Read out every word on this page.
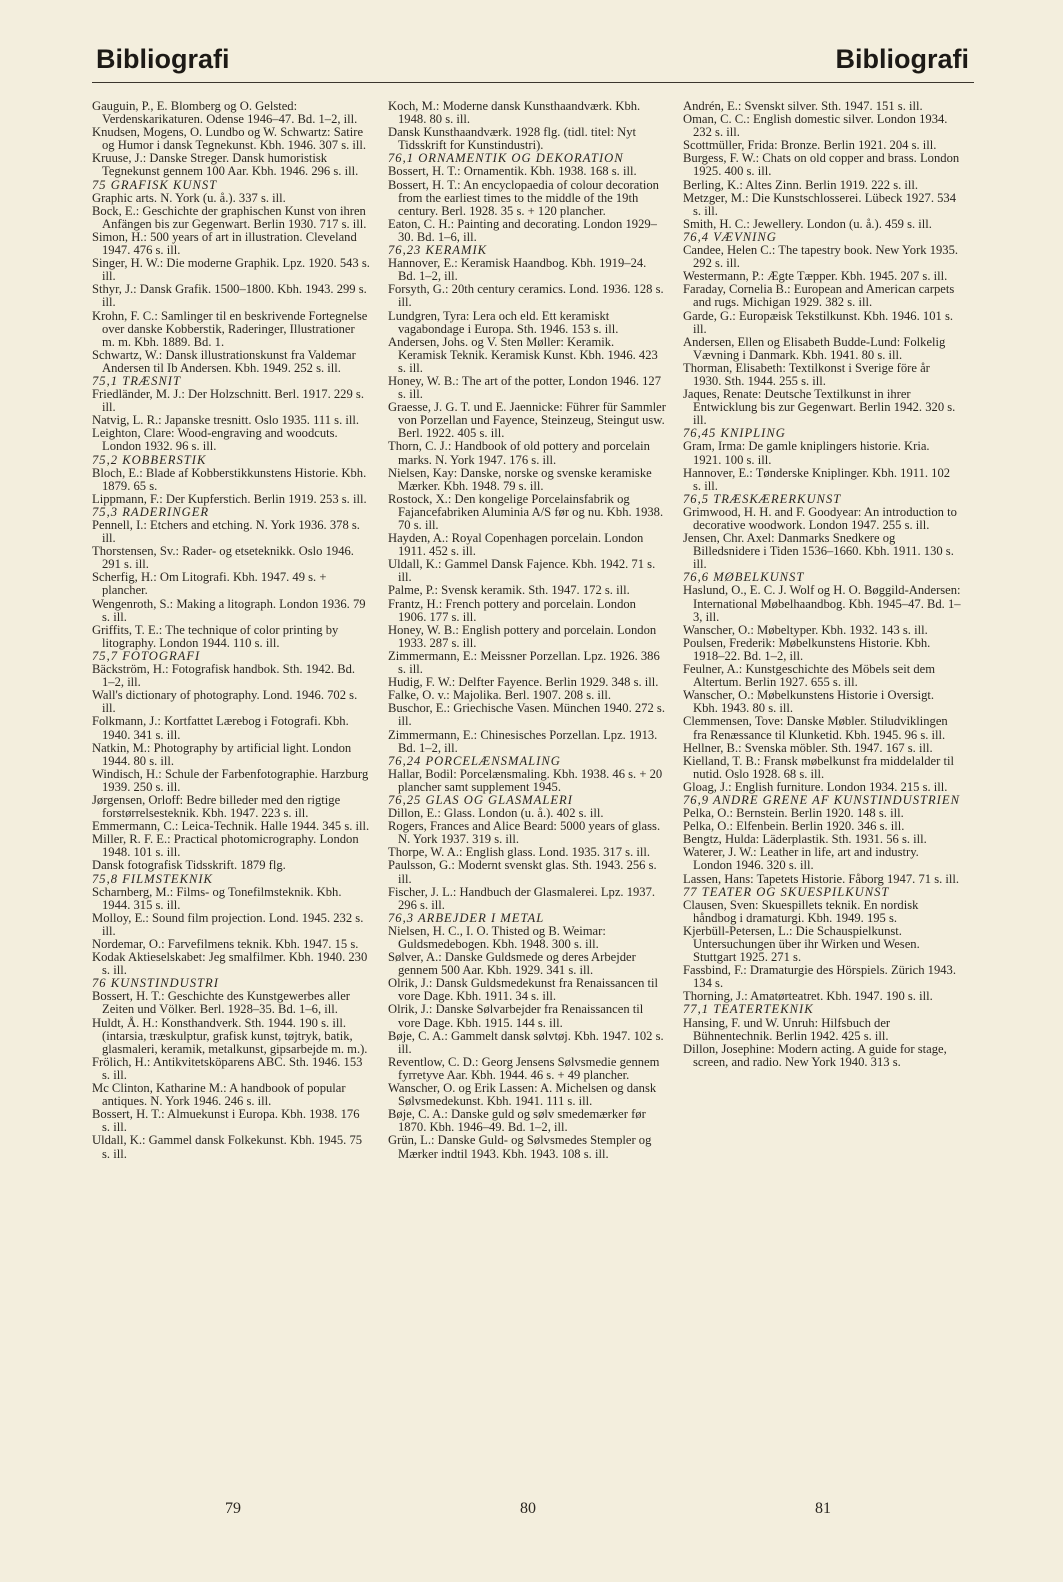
Bibliografi	Bibliografi

Gauguin, P., E. Blomberg og O. Gelsted: Verdenskarikaturen. Odense 1946–47. Bd. 1–2, ill.

Knudsen, Mogens, O. Lundbo og W. Schwartz: Satire og Humor i dansk Tegnekunst. Kbh. 1946. 307 s. ill.

Kruuse, J.: Danske Streger. Dansk humoristisk Tegnekunst gennem 100 Aar. Kbh. 1946. 296 s. ill.

75 GRAFISK KUNST

Graphic arts. N. York (u. å.). 337 s. ill.

Bock, E.: Geschichte der graphischen Kunst von ihren Anfängen bis zur Gegenwart. Berlin 1930. 717 s. ill.

Simon, H.: 500 years of art in illustration. Cleveland 1947. 476 s. ill.

Singer, H. W.: Die moderne Graphik. Lpz. 1920. 543 s. ill.

Sthyr, J.: Dansk Grafik. 1500–1800. Kbh. 1943. 299 s. ill.

Krohn, F. C.: Samlinger til en beskrivende Fortegnelse over danske Kobberstik, Raderinger, Illustrationer m. m. Kbh. 1889. Bd. 1.

Schwartz, W.: Dansk illustrationskunst fra Valdemar Andersen til Ib Andersen. Kbh. 1949. 252 s. ill.

75,1 TRÆSNIT

Friedländer, M. J.: Der Holzschnitt. Berl. 1917. 229 s. ill.

Natvig, L. R.: Japanske tresnitt. Oslo 1935. 111 s. ill.

Leighton, Clare: Wood-engraving and woodcuts. London 1932. 96 s. ill.

75,2 KOBBERSTIK

Bloch, E.: Blade af Kobberstikkunstens Historie. Kbh. 1879. 65 s.

Lippmann, F.: Der Kupferstich. Berlin 1919. 253 s. ill.

75,3 RADERINGER

Pennell, I.: Etchers and etching. N. York 1936. 378 s. ill.

Thorstensen, Sv.: Rader- og etseteknikk. Oslo 1946. 291 s. ill.

Scherfig, H.: Om Litografi. Kbh. 1947. 49 s. + plancher.

Wengenroth, S.: Making a litograph. London 1936. 79 s. ill.

Griffits, T. E.: The technique of color printing by litography. London 1944. 110 s. ill.

75,7 FOTOGRAFI

Bäckström, H.: Fotografisk handbok. Sth. 1942. Bd. 1–2, ill.

Wall's dictionary of photography. Lond. 1946. 702 s. ill.

Folkmann, J.: Kortfattet Lærebog i Fotografi. Kbh. 1940. 341 s. ill.

Natkin, M.: Photography by artificial light. London 1944. 80 s. ill.

Windisch, H.: Schule der Farbenfotographie. Harzburg 1939. 250 s. ill.

Jørgensen, Orloff: Bedre billeder med den rigtige forstørrelsesteknik. Kbh. 1947. 223 s. ill.

Emmermann, C.: Leica-Technik. Halle 1944. 345 s. ill.

Miller, R. F. E.: Practical photomicrography. London 1948. 101 s. ill.

Dansk fotografisk Tidsskrift. 1879 flg.

75,8 FILMSTEKNIK

Scharnberg, M.: Films- og Tonefilmsteknik. Kbh. 1944. 315 s. ill.

Molloy, E.: Sound film projection. Lond. 1945. 232 s. ill.

Nordemar, O.: Farvefilmens teknik. Kbh. 1947. 15 s.

Kodak Aktieselskabet: Jeg smalfilmer. Kbh. 1940. 230 s. ill.

76 KUNSTINDUSTRI

Bossert, H. T.: Geschichte des Kunstgewerbes aller Zeiten und Völker. Berl. 1928–35. Bd. 1–6, ill.

Huldt, Å. H.: Konsthandverk. Sth. 1944. 190 s. ill. (intarsia, træskulptur, grafisk kunst, tøjtryk, batik, glasmaleri, keramik, metalkunst, gipsarbejde m. m.).

Frölich, H.: Antikvitetsköparens ABC. Sth. 1946. 153 s. ill.

Mc Clinton, Katharine M.: A handbook of popular antiques. N. York 1946. 246 s. ill.

Bossert, H. T.: Almuekunst i Europa. Kbh. 1938. 176 s. ill.

Uldall, K.: Gammel dansk Folkekunst. Kbh. 1945. 75 s. ill.

Koch, M.: Moderne dansk Kunsthaandværk. Kbh. 1948. 80 s. ill.

Dansk Kunsthaandværk. 1928 flg. (tidl. titel: Nyt Tidsskrift for Kunstindustri).

76,1 ORNAMENTIK OG DEKORATION

Bossert, H. T.: Ornamentik. Kbh. 1938. 168 s. ill.

Bossert, H. T.: An encyclopaedia of colour decoration from the earliest times to the middle of the 19th century. Berl. 1928. 35 s. + 120 plancher.

Eaton, C. H.: Painting and decorating. London 1929–30. Bd. 1–6, ill.

76,23 KERAMIK

Hannover, E.: Keramisk Haandbog. Kbh. 1919–24. Bd. 1–2, ill.

Forsyth, G.: 20th century ceramics. Lond. 1936. 128 s. ill.

Lundgren, Tyra: Lera och eld. Ett keramiskt vagabondage i Europa. Sth. 1946. 153 s. ill.

Andersen, Johs. og V. Sten Møller: Keramik. Keramisk Teknik. Keramisk Kunst. Kbh. 1946. 423 s. ill.

Honey, W. B.: The art of the potter, London 1946. 127 s. ill.

Graesse, J. G. T. und E. Jaennicke: Führer für Sammler von Porzellan und Fayence, Steinzeug, Steingut usw. Berl. 1922. 405 s. ill.

Thorn, C. J.: Handbook of old pottery and porcelain marks. N. York 1947. 176 s. ill.

Nielsen, Kay: Danske, norske og svenske keramiske Mærker. Kbh. 1948. 79 s. ill.

Rostock, X.: Den kongelige Porcelainsfabrik og Fajancefabriken Aluminia A/S før og nu. Kbh. 1938. 70 s. ill.

Hayden, A.: Royal Copenhagen porcelain. London 1911. 452 s. ill.

Uldall, K.: Gammel Dansk Fajence. Kbh. 1942. 71 s. ill.

Palme, P.: Svensk keramik. Sth. 1947. 172 s. ill.

Frantz, H.: French pottery and porcelain. London 1906. 177 s. ill.

Honey, W. B.: English pottery and porcelain. London 1933. 287 s. ill.

Zimmermann, E.: Meissner Porzellan. Lpz. 1926. 386 s. ill.

Hudig, F. W.: Delfter Fayence. Berlin 1929. 348 s. ill.

Falke, O. v.: Majolika. Berl. 1907. 208 s. ill.

Buschor, E.: Griechische Vasen. München 1940. 272 s. ill.

Zimmermann, E.: Chinesisches Porzellan. Lpz. 1913. Bd. 1–2, ill.

76,24 PORCELÆNSMALING

Hallar, Bodil: Porcelænsmaling. Kbh. 1938. 46 s. + 20 plancher samt supplement 1945.

76,25 GLAS OG GLASMALERI

Dillon, E.: Glass. London (u. å.). 402 s. ill.

Rogers, Frances and Alice Beard: 5000 years of glass. N. York 1937. 319 s. ill.

Thorpe, W. A.: English glass. Lond. 1935. 317 s. ill.

Paulsson, G.: Modernt svenskt glas. Sth. 1943. 256 s. ill.

Fischer, J. L.: Handbuch der Glasmalerei. Lpz. 1937. 296 s. ill.

76,3 ARBEJDER I METAL

Nielsen, H. C., I. O. Thisted og B. Weimar: Guldsmedebogen. Kbh. 1948. 300 s. ill.

Sølver, A.: Danske Guldsmede og deres Arbejder gennem 500 Aar. Kbh. 1929. 341 s. ill.

Olrik, J.: Dansk Guldsmedekunst fra Renaissancen til vore Dage. Kbh. 1911. 34 s. ill.

Olrik, J.: Danske Sølvarbejder fra Renaissancen til vore Dage. Kbh. 1915. 144 s. ill.

Bøje, C. A.: Gammelt dansk sølvtøj. Kbh. 1947. 102 s. ill.

Reventlow, C. D.: Georg Jensens Sølvsmedie gennem fyrretyve Aar. Kbh. 1944. 46 s. + 49 plancher.

Wanscher, O. og Erik Lassen: A. Michelsen og dansk Sølvsmedekunst. Kbh. 1941. 111 s. ill.

Bøje, C. A.: Danske guld og sølv smedemærker før 1870. Kbh. 1946–49. Bd. 1–2, ill.

Grün, L.: Danske Guld- og Sølvsmedes Stempler og Mærker indtil 1943. Kbh. 1943. 108 s. ill.

Andrén, E.: Svenskt silver. Sth. 1947. 151 s. ill.

Oman, C. C.: English domestic silver. London 1934. 232 s. ill.

Scottmüller, Frida: Bronze. Berlin 1921. 204 s. ill.

Burgess, F. W.: Chats on old copper and brass. London 1925. 400 s. ill.

Berling, K.: Altes Zinn. Berlin 1919. 222 s. ill.

Metzger, M.: Die Kunstschlosserei. Lübeck 1927. 534 s. ill.

Smith, H. C.: Jewellery. London (u. å.). 459 s. ill.

76,4 VÆVNING

Candee, Helen C.: The tapestry book. New York 1935. 292 s. ill.

Westermann, P.: Ægte Tæpper. Kbh. 1945. 207 s. ill.

Faraday, Cornelia B.: European and American carpets and rugs. Michigan 1929. 382 s. ill.

Garde, G.: Europæisk Tekstilkunst. Kbh. 1946. 101 s. ill.

Andersen, Ellen og Elisabeth Budde-Lund: Folkelig Vævning i Danmark. Kbh. 1941. 80 s. ill.

Thorman, Elisabeth: Textilkonst i Sverige före år 1930. Sth. 1944. 255 s. ill.

Jaques, Renate: Deutsche Textilkunst in ihrer Entwicklung bis zur Gegenwart. Berlin 1942. 320 s. ill.

76,45 KNIPLING

Gram, Irma: De gamle kniplingers historie. Kria. 1921. 100 s. ill.

Hannover, E.: Tønderske Kniplinger. Kbh. 1911. 102 s. ill.

76,5 TRÆSKÆRERKUNST

Grimwood, H. H. and F. Goodyear: An introduction to decorative woodwork. London 1947. 255 s. ill.

Jensen, Chr. Axel: Danmarks Snedkere og Billedsnidere i Tiden 1536–1660. Kbh. 1911. 130 s. ill.

76,6 MØBELKUNST

Haslund, O., E. C. J. Wolf og H. O. Bøggild-Andersen: International Møbelhaandbog. Kbh. 1945–47. Bd. 1–3, ill.

Wanscher, O.: Møbeltyper. Kbh. 1932. 143 s. ill.

Poulsen, Frederik: Møbelkunstens Historie. Kbh. 1918–22. Bd. 1–2, ill.

Feulner, A.: Kunstgeschichte des Möbels seit dem Altertum. Berlin 1927. 655 s. ill.

Wanscher, O.: Møbelkunstens Historie i Oversigt. Kbh. 1943. 80 s. ill.

Clemmensen, Tove: Danske Møbler. Stiludviklingen fra Renæssance til Klunketid. Kbh. 1945. 96 s. ill.

Hellner, B.: Svenska möbler. Sth. 1947. 167 s. ill.

Kielland, T. B.: Fransk møbelkunst fra middelalder til nutid. Oslo 1928. 68 s. ill.

Gloag, J.: English furniture. London 1934. 215 s. ill.

76,9 ANDRE GRENE AF KUNSTINDUSTRIEN

Pelka, O.: Bernstein. Berlin 1920. 148 s. ill.

Pelka, O.: Elfenbein. Berlin 1920. 346 s. ill.

Bengtz, Hulda: Läderplastik. Sth. 1931. 56 s. ill.

Waterer, J. W.: Leather in life, art and industry. London 1946. 320 s. ill.

Lassen, Hans: Tapetets Historie. Fåborg 1947. 71 s. ill.

77 TEATER OG SKUESPILKUNST

Clausen, Sven: Skuespillets teknik. En nordisk håndbog i dramaturgi. Kbh. 1949. 195 s.

Kjerbüll-Petersen, L.: Die Schauspielkunst. Untersuchungen über ihr Wirken und Wesen. Stuttgart 1925. 271 s.

Fassbind, F.: Dramaturgie des Hörspiels. Zürich 1943. 134 s.

Thorning, J.: Amatørteatret. Kbh. 1947. 190 s. ill.

77,1 TEATERTEKNIK

Hansing, F. und W. Unruh: Hilfsbuch der Bühnentechnik. Berlin 1942. 425 s. ill.

Dillon, Josephine: Modern acting. A guide for stage, screen, and radio. New York 1940. 313 s.

79	80	81
